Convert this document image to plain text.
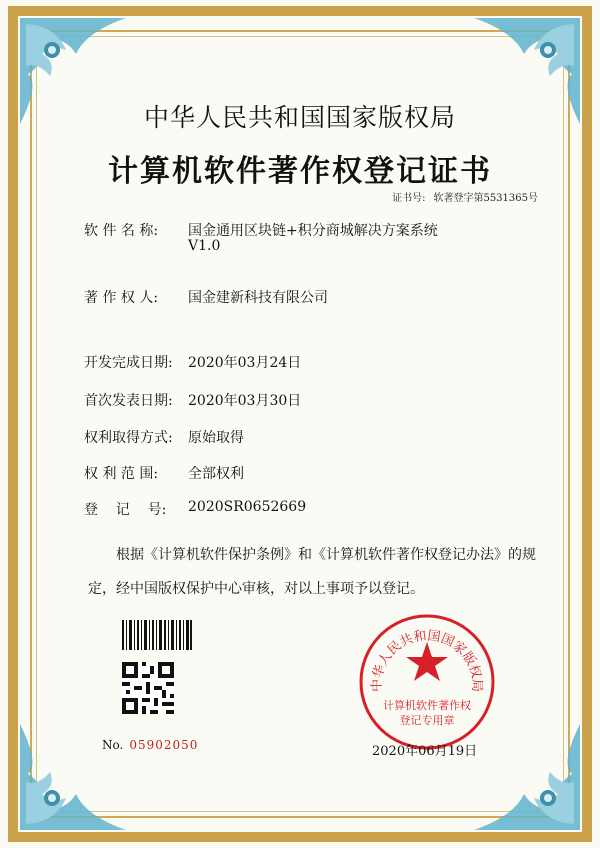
中华人民共和国国家版权局
计算机软件著作权登记证书
证书号: 软著登字第5531365号
软 件 名 称: 国金通用区块链+积分商城解决方案系统
V1.0
著 作 权 人: 国金建新科技有限公司
开发完成日期: 2020年03月24日
首次发表日期: 2020年03月30日
权利取得方式: 原始取得
权 利 范 围: 全部权利
登    记    号: 2020SR0652669
根据《计算机软件保护条例》和《计算机软件著作权登记办法》的规定，经中国版权保护中心审核，对以上事项予以登记。
No. 05902050
中华人民共和国国家版权局
计算机软件著作权
登记专用章
2020年06月19日
